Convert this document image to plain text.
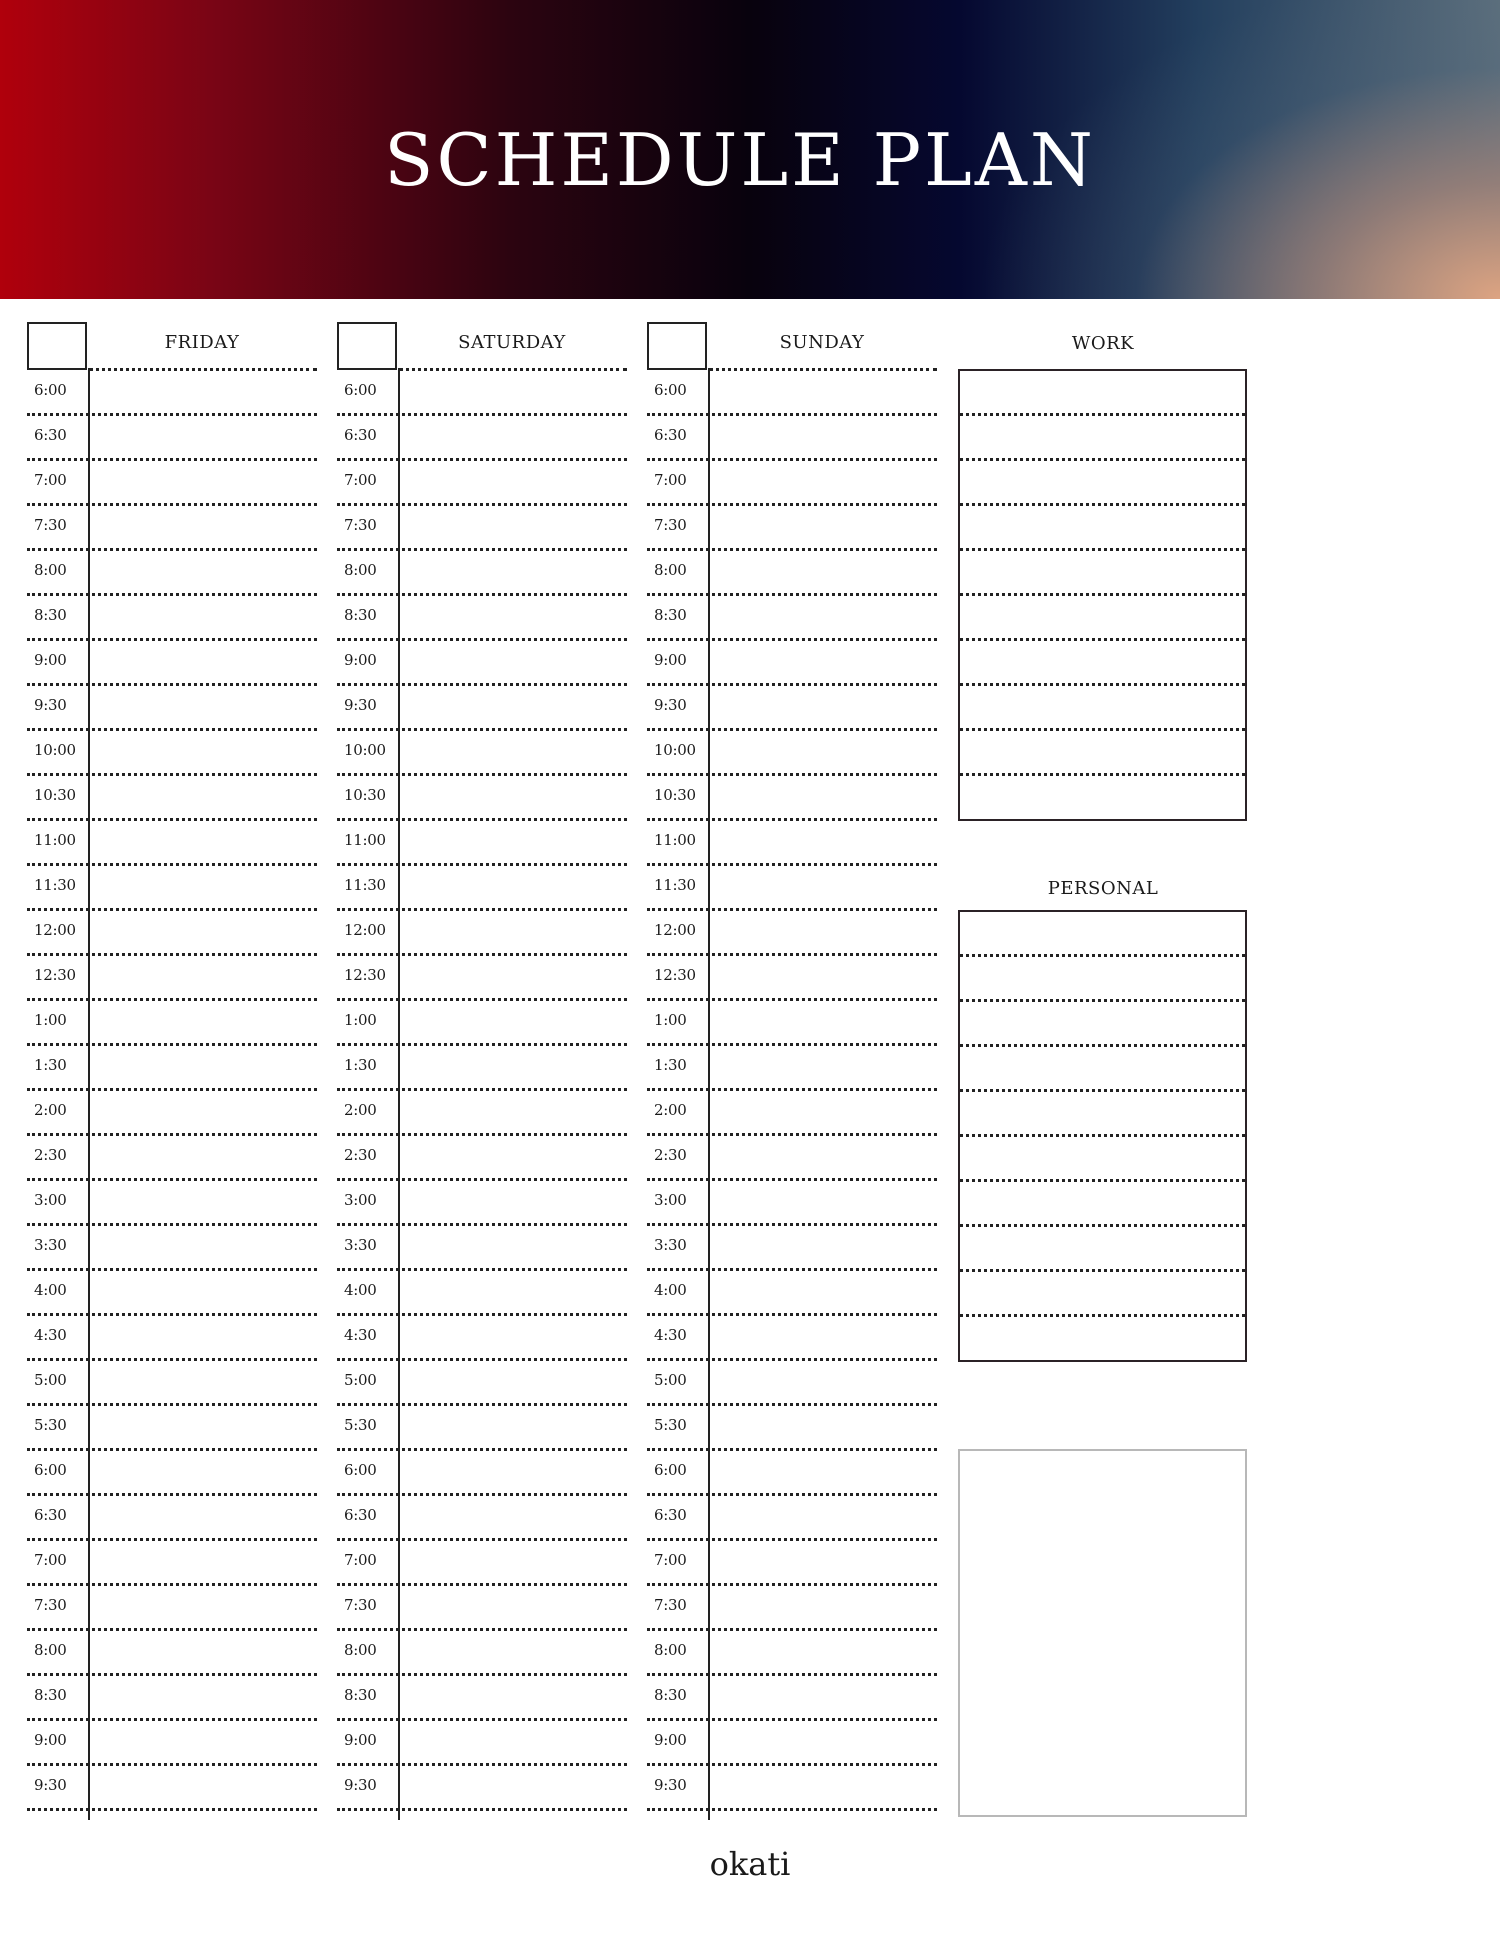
SCHEDULE PLAN
FRIDAY
6:00
6:30
7:00
7:30
8:00
8:30
9:00
9:30
10:00
10:30
11:00
11:30
12:00
12:30
1:00
1:30
2:00
2:30
3:00
3:30
4:00
4:30
5:00
5:30
6:00
6:30
7:00
7:30
8:00
8:30
9:00
9:30
SATURDAY
6:00
6:30
7:00
7:30
8:00
8:30
9:00
9:30
10:00
10:30
11:00
11:30
12:00
12:30
1:00
1:30
2:00
2:30
3:00
3:30
4:00
4:30
5:00
5:30
6:00
6:30
7:00
7:30
8:00
8:30
9:00
9:30
SUNDAY
6:00
6:30
7:00
7:30
8:00
8:30
9:00
9:30
10:00
10:30
11:00
11:30
12:00
12:30
1:00
1:30
2:00
2:30
3:00
3:30
4:00
4:30
5:00
5:30
6:00
6:30
7:00
7:30
8:00
8:30
9:00
9:30
WORK
PERSONAL
okati
